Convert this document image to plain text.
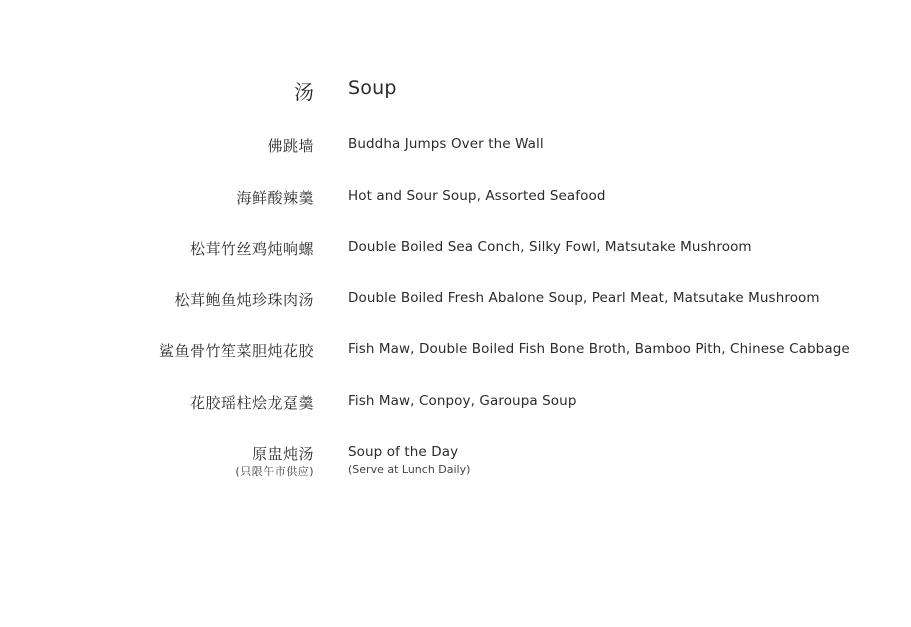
汤 Soup
佛跳墙	Buddha Jumps Over the Wall
海鲜酸辣羹	Hot and Sour Soup, Assorted Seafood
松茸竹丝鸡炖响螺	Double Boiled Sea Conch, Silky Fowl, Matsutake Mushroom
松茸鲍鱼炖珍珠肉汤	Double Boiled Fresh Abalone Soup, Pearl Meat, Matsutake Mushroom
鲨鱼骨竹笙菜胆炖花胶	Fish Maw, Double Boiled Fish Bone Broth, Bamboo Pith, Chinese Cabbage
花胶瑶柱烩龙趸羹	Fish Maw, Conpoy, Garoupa Soup
原盅炖汤	Soup of the Day
(只限午市供应)	(Serve at Lunch Daily)
